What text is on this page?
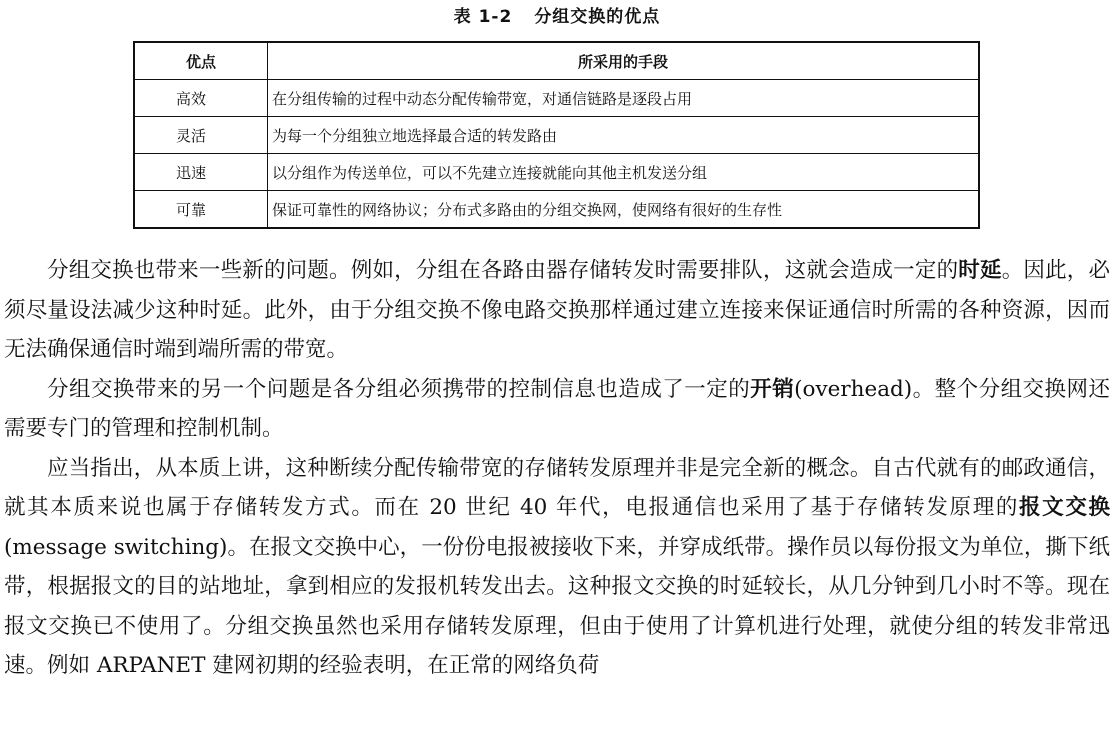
表 1-2 分组交换的优点
优点	所采用的手段
高效	在分组传输的过程中动态分配传输带宽，对通信链路是逐段占用
灵活	为每一个分组独立地选择最合适的转发路由
迅速	以分组作为传送单位，可以不先建立连接就能向其他主机发送分组
可靠	保证可靠性的网络协议；分布式多路由的分组交换网，使网络有很好的生存性

分组交换也带来一些新的问题。例如，分组在各路由器存储转发时需要排队，这就会造成一定的时延。因此，必须尽量设法减少这种时延。此外，由于分组交换不像电路交换那样通过建立连接来保证通信时所需的各种资源，因而无法确保通信时端到端所需的带宽。

分组交换带来的另一个问题是各分组必须携带的控制信息也造成了一定的开销(overhead)。整个分组交换网还需要专门的管理和控制机制。

应当指出，从本质上讲，这种断续分配传输带宽的存储转发原理并非是完全新的概念。自古代就有的邮政通信，就其本质来说也属于存储转发方式。而在 20 世纪 40 年代，电报通信也采用了基于存储转发原理的报文交换(message switching)。在报文交换中心，一份份电报被接收下来，并穿成纸带。操作员以每份报文为单位，撕下纸带，根据报文的目的站地址，拿到相应的发报机转发出去。这种报文交换的时延较长，从几分钟到几小时不等。现在报文交换已不使用了。分组交换虽然也采用存储转发原理，但由于使用了计算机进行处理，就使分组的转发非常迅速。例如 ARPANET 建网初期的经验表明，在正常的网络负荷
